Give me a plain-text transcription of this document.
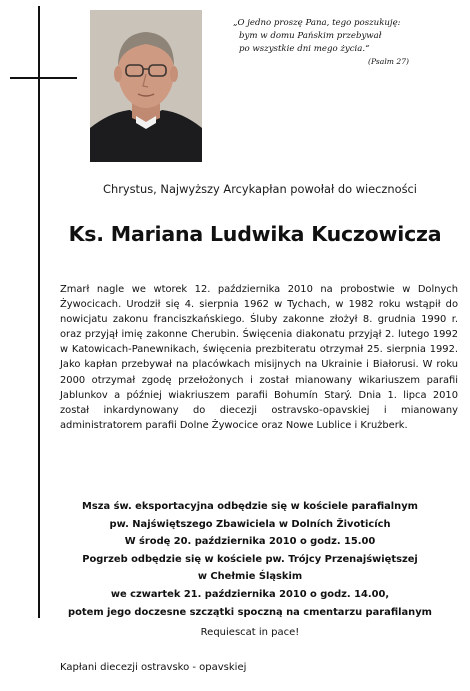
„O jedno proszę Pana, tego poszukuję:
bym w domu Pańskim przebywał
po wszystkie dni mego życia.“
(Psalm 27)
Chrystus, Najwyższy Arcykapłan powołał do wieczności
Ks. Mariana Ludwika Kuczowicza
Zmarł nagle we wtorek 12. października 2010 na probostwie w Dolnych Żywocicach. Urodził się 4. sierpnia 1962 w Tychach, w 1982 roku wstąpił do nowicjatu zakonu franciszkańskiego. Śluby zakonne złożył 8. grudnia 1990 r. oraz przyjął imię zakonne Cherubin. Święcenia diakonatu przyjął 2. lutego 1992 w Katowicach-Panewnikach, święcenia prezbiteratu otrzymał 25. sierpnia 1992. Jako kapłan przebywał na placówkach misijnych na Ukrainie i Białorusi. W roku 2000 otrzymał zgodę przełożonych i został mianowany wikariuszem parafii Jablunkov a później wiakriuszem parafii Bohumín Starý. Dnia 1. lipca 2010 został inkardynowany do diecezji ostravsko-opavskiej i mianowany administratorem parafii Dolne Żywocice oraz Nowe Lublice i Krużberk.
Msza św. eksportacyjna odbędzie się w kościele parafialnym
pw. Najświętszego Zbawiciela w Dolních Životicích
W środę 20. października 2010 o godz. 15.00
Pogrzeb odbędzie się w kościele pw. Trójcy Przenajświętszej
w Chełmie Śląskim
we czwartek 21. października 2010 o godz. 14.00,
potem jego doczesne szczątki spoczną na cmentarzu parafilanym
Requiescat in pace!
Kapłani diecezji ostravsko - opavskiej
